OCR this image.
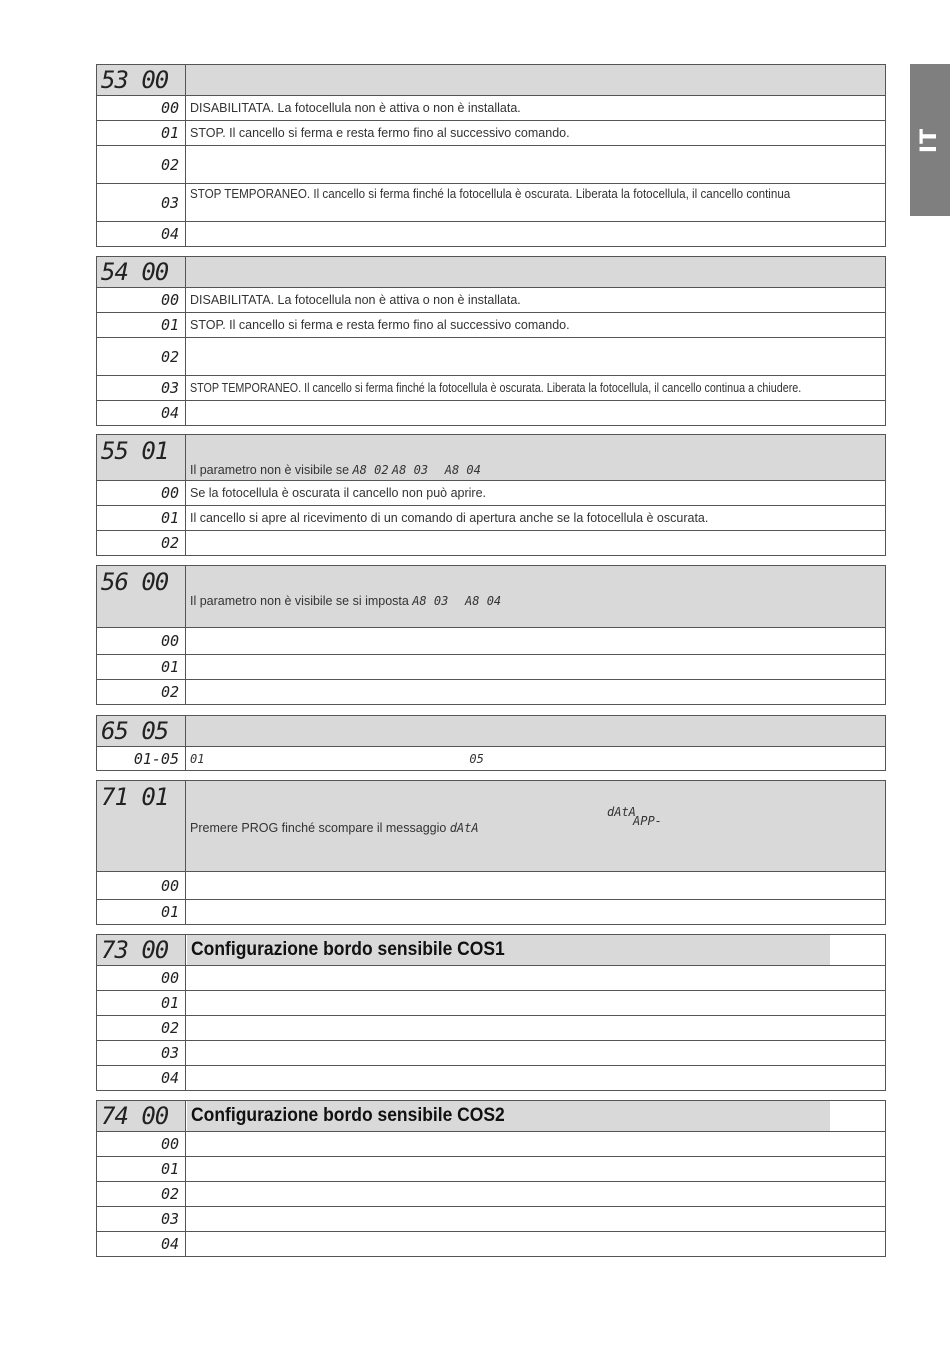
IT
53 00	
00	DISABILITATA. La fotocellula non è attiva o non è installata.
01	STOP. Il cancello si ferma e resta fermo fino al successivo comando.
02	
03	STOP TEMPORANEO. Il cancello si ferma finché la fotocellula è oscurata. Liberata la fotocellula, il cancello continua
04	
54 00	
00	DISABILITATA. La fotocellula non è attiva o non è installata.
01	STOP. Il cancello si ferma e resta fermo fino al successivo comando.
02	
03	STOP TEMPORANEO. Il cancello si ferma finché la fotocellula è oscurata. Liberata la fotocellula, il cancello continua a chiudere.
04	
55 01	Il parametro non è visibile se A8 02 A8 03 A8 04
00	Se la fotocellula è oscurata il cancello non può aprire.
01	Il cancello si apre al ricevimento di un comando di apertura anche se la fotocellula è oscurata.
02	
56 00	Il parametro non è visibile se si imposta A8 03 A8 04
00	
01	
02	
65 05	
01-05	01 05
71 01	dAtA
Premere PROG finché scompare il messaggio dAtA APP-

00	
01	
73 00	Configurazione bordo sensibile COS1
00	
01	
02	
03	
04	
74 00	Configurazione bordo sensibile COS2
00	
01	
02	
03	
04	
